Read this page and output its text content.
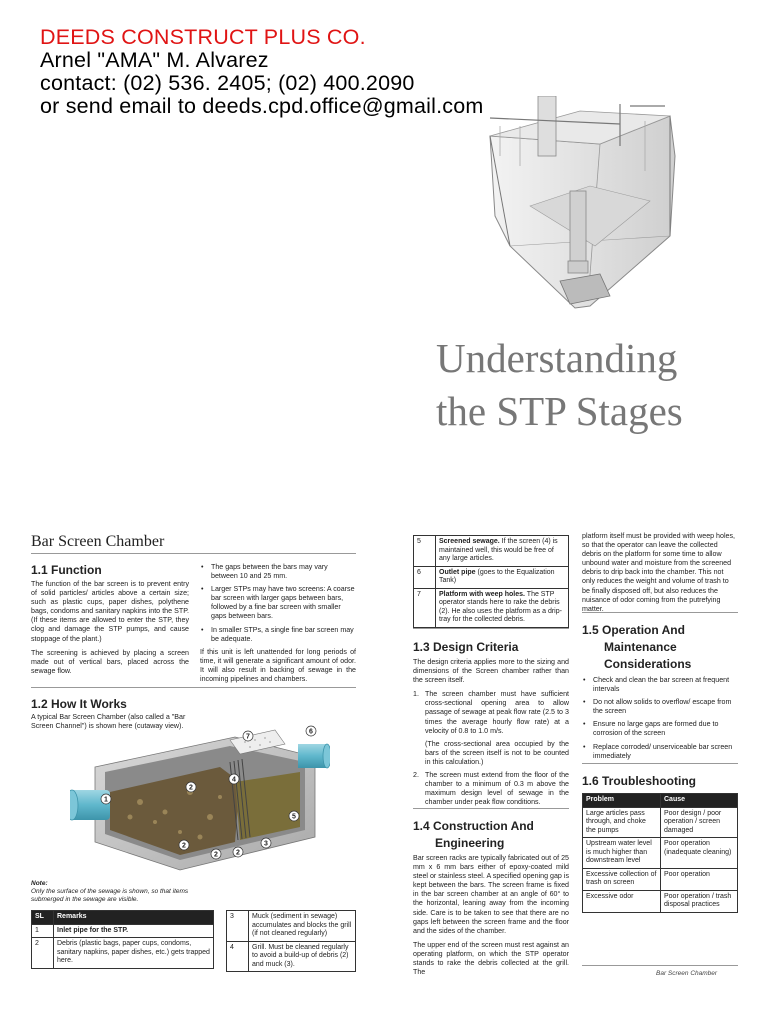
DEEDS CONSTRUCT PLUS CO.
Arnel "AMA" M. Alvarez
contact: (02) 536. 2405; (02) 400.2090
or send email to deeds.cpd.office@gmail.com
Understanding
the STP Stages
Bar Screen Chamber
1.1 Function

The function of the bar screen is to prevent entry of solid particles/ articles above a certain size; such as plastic cups, paper dishes, polythene bags, condoms and sanitary napkins into the STP. (If these items are allowed to enter the STP, they clog and damage the STP pumps, and cause stoppage of the plant.)

The screening is achieved by placing a screen made out of vertical bars, placed across the sewage flow.

• The gaps between the bars may vary between 10 and 25 mm.
• Larger STPs may have two screens: A coarse bar screen with larger gaps between bars, followed by a fine bar screen with smaller gaps between bars.
• In smaller STPs, a single fine bar screen may be adequate.

If this unit is left unattended for long periods of time, it will generate a significant amount of odor. It will also result in backing of sewage in the incoming pipelines and chambers.

1.2 How It Works
A typical Bar Screen Chamber (also called a "Bar Screen Channel") is shown here (cutaway view).
1
2
2
2	2
3
4
5
6
7
Note:
Only the surface of the sewage is shown, so that items submerged in the sewage are visible.
SL	Remarks
1	Inlet pipe for the STP.
2	Debris (plastic bags, paper cups, condoms, sanitary napkins, paper dishes, etc.) gets trapped here.
3	Muck (sediment in sewage) accumulates and blocks the grill (if not cleaned regularly)
4	Grill. Must be cleaned regularly to avoid a build-up of debris (2) and muck (3).
5	Screened sewage. If the screen (4) is maintained well, this would be free of any large articles.
6	Outlet pipe (goes to the Equalization Tank)
7	Platform with weep holes. The STP operator stands here to rake the debris (2). He also uses the platform as a drip-tray for the collected debris.
1.3 Design Criteria

The design criteria applies more to the sizing and dimensions of the Screen chamber rather than the screen itself.

1. The screen chamber must have sufficient cross-sectional opening area to allow passage of sewage at peak flow rate (2.5 to 3 times the average hourly flow rate) at a velocity of 0.8 to 1.0 m/s.
(The cross-sectional area occupied by the bars of the screen itself is not to be counted in this calculation.)
2. The screen must extend from the floor of the chamber to a minimum of 0.3 m above the maximum design level of sewage in the chamber under peak flow conditions.
1.4 Construction And
Engineering

Bar screen racks are typically fabricated out of 25 mm x 6 mm bars either of epoxy-coated mild steel or stainless steel. A specified opening gap is kept between the bars. The screen frame is fixed in the bar screen chamber at an angle of 60° to the horizontal, leaning away from the incoming side. Care is to be taken to see that there are no gaps left between the screen frame and the floor and the sides of the chamber.

The upper end of the screen must rest against an operating platform, on which the STP operator stands to rake the debris collected at the grill. The

platform itself must be provided with weep holes, so that the operator can leave the collected debris on the platform for some time to allow unbound water and moisture from the screened debris to drip back into the chamber. This not only reduces the weight and volume of trash to be finally disposed off, but also reduces the nuisance of odor coming from the putrefying matter.
1.5 Operation And
Maintenance
Considerations
• Check and clean the bar screen at frequent intervals
• Do not allow solids to overflow/ escape from the screen
• Ensure no large gaps are formed due to corrosion of the screen
• Replace corroded/ unserviceable bar screen immediately
1.6 Troubleshooting
Problem	Cause
Large articles pass through, and choke the pumps	Poor design / poor operation / screen damaged
Upstream water level is much higher than downstream level	Poor operation (inadequate cleaning)
Excessive collection of trash on screen	Poor operation
Excessive odor	Poor operation / trash disposal practices
Bar Screen Chamber
